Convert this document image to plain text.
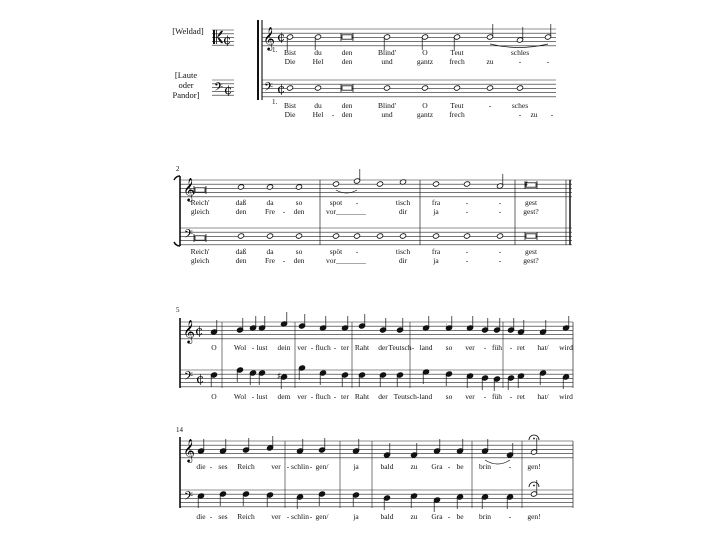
¢
𝄢 ¢
𝄞 ¢
𝄢 ¢
𝄞
𝄢
♯
𝄞 ¢
𝄢 ¢
♭
♯
𝄞
𝄢
[Weldad]
[Laute
oder
Pandor]
2
5
14
1.
1.
Bist du	den	Blind'	O	Teut	schles
Die Hel den	und	gantz frech	zu	-	-
Bist du	den	Blind'	O	Teut	-	sches
Die Hel - den	und	gantz frech	- zu -
Reich'	daß	da	so	spot -	tisch	fra	-	-	gest
gleich	den Fre - den	vor________	dir	ja	-	-	gest?
Reich'	daß	da	so	spöt -	tisch	fra	-	-	gest
gleich	den Fre - den	vor________	dir	ja	-	-	gest?
O Wol - lust dein ver - fluch - ter Raht der Teutsch - land so ver - füh - ret hat/ wird
O Wol - lust dem ver - fluch - ter Raht der Teutsch-land so ver - füh - ret hat/ wird
die - ses Reich ver - schlin - gen/	ja	bald zu Gra - be brin - gen!
die - ses Reich ver - schlin - gen/	ja	bald zu Gra - be brin - gen!
